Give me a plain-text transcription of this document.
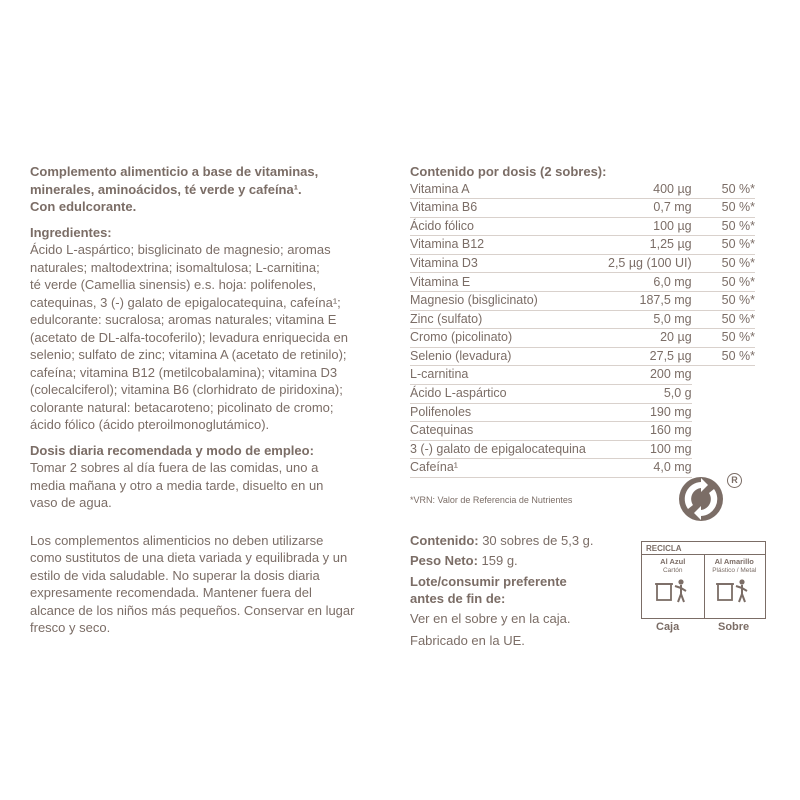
Complemento alimenticio a base de vitaminas,
minerales, aminoácidos, té verde y cafeína¹.
Con edulcorante.
Ingredientes:
Ácido L-aspártico; bisglicinato de magnesio; aromas
naturales; maltodextrina; isomaltulosa; L-carnitina;
té verde (Camellia sinensis) e.s. hoja: polifenoles,
catequinas, 3 (-) galato de epigalocatequina, cafeína¹;
edulcorante: sucralosa; aromas naturales; vitamina E
(acetato de DL-alfa-tocoferilo); levadura enriquecida en
selenio; sulfato de zinc; vitamina A (acetato de retinilo);
cafeína; vitamina B12 (metilcobalamina); vitamina D3
(colecalciferol); vitamina B6 (clorhidrato de piridoxina);
colorante natural: betacaroteno; picolinato de cromo;
ácido fólico (ácido pteroilmonoglutámico).
Dosis diaria recomendada y modo de empleo:
Tomar 2 sobres al día fuera de las comidas, uno a
media mañana y otro a media tarde, disuelto en un
vaso de agua.
Los complementos alimenticios no deben utilizarse
como sustitutos de una dieta variada y equilibrada y un
estilo de vida saludable. No superar la dosis diaria
expresamente recomendada. Mantener fuera del
alcance de los niños más pequeños. Conservar en lugar
fresco y seco.
Contenido por dosis (2 sobres):
Vitamina A	400 µg	50 %*
Vitamina B6	0,7 mg	50 %*
Ácido fólico	100 µg	50 %*
Vitamina B12	1,25 µg	50 %*
Vitamina D3	2,5 µg (100 UI)	50 %*
Vitamina E	6,0 mg	50 %*
Magnesio (bisglicinato)	187,5 mg	50 %*
Zinc (sulfato)	5,0 mg	50 %*
Cromo (picolinato)	20 µg	50 %*
Selenio (levadura)	27,5 µg	50 %*
L-carnitina	200 mg	
Ácido L-aspártico	5,0 g	
Polifenoles	190 mg	
Catequinas	160 mg	
3 (-) galato de epigalocatequina	100 mg	
Cafeína¹	4,0 mg	
*VRN: Valor de Referencia de Nutrientes
Contenido: 30 sobres de 5,3 g.
Peso Neto: 159 g.
Lote/consumir preferente
antes de fin de:
Ver en el sobre y en la caja.
Fabricado en la UE.
R
RECICLA
Al Azul
Cartón
Al Amarillo
Plástico / Metal
Caja	Sobre
